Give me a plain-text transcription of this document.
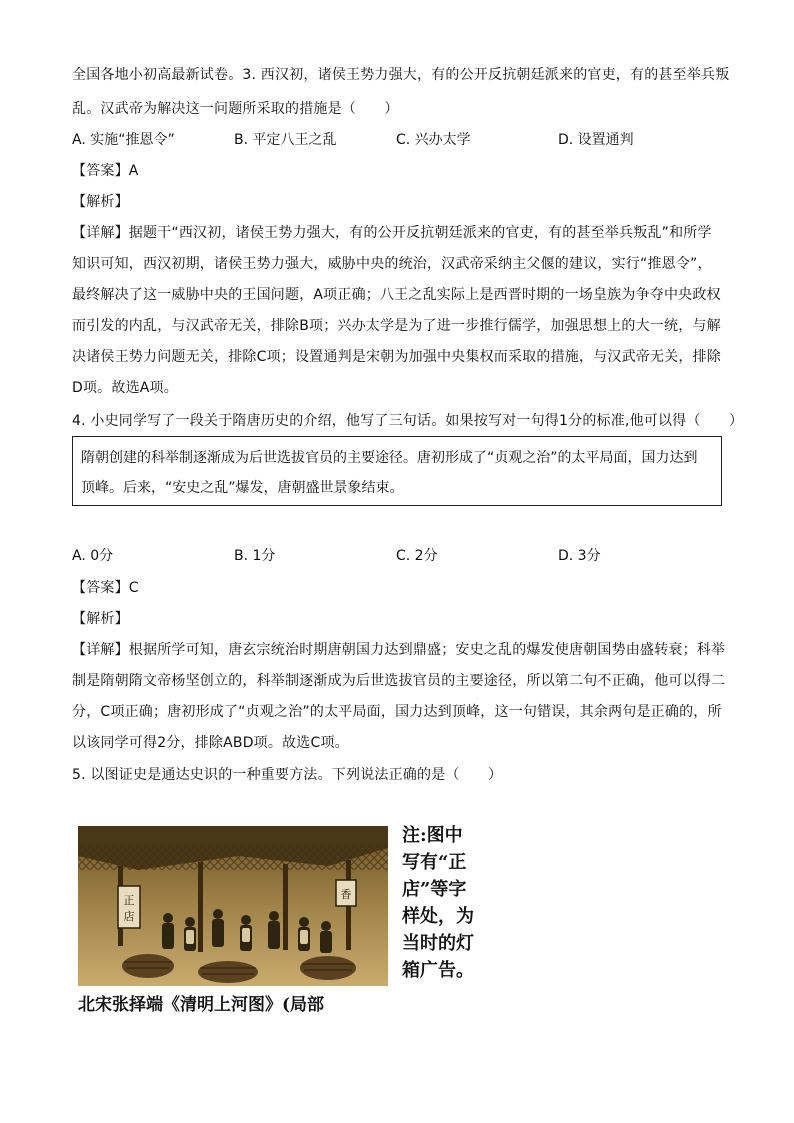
全国各地小初高最新试卷。3. 西汉初，诸侯王势力强大，有的公开反抗朝廷派来的官吏，有的甚至举兵叛
乱。汉武帝为解决这一问题所采取的措施是（　　）
A. 实施“推恩令”	B. 平定八王之乱	C. 兴办太学	D. 设置通判
【答案】A
【解析】
【详解】据题干“西汉初，诸侯王势力强大，有的公开反抗朝廷派来的官吏，有的甚至举兵叛乱”和所学
知识可知，西汉初期，诸侯王势力强大，威胁中央的统治，汉武帝采纳主父偃的建议，实行“推恩令”，
最终解决了这一威胁中央的王国问题，A项正确；八王之乱实际上是西晋时期的一场皇族为争夺中央政权
而引发的内乱，与汉武帝无关，排除B项；兴办太学是为了进一步推行儒学，加强思想上的大一统，与解
决诸侯王势力问题无关，排除C项；设置通判是宋朝为加强中央集权而采取的措施，与汉武帝无关，排除
D项。故选A项。
4. 小史同学写了一段关于隋唐历史的介绍，他写了三句话。如果按写对一句得1分的标准,他可以得（　　）
隋朝创建的科举制逐渐成为后世选拔官员的主要途径。唐初形成了“贞观之治”的太平局面，国力达到
顶峰。后来，“安史之乱”爆发，唐朝盛世景象结束。
A. 0分	B. 1分	C. 2分	D. 3分
【答案】C
【解析】
【详解】根据所学可知，唐玄宗统治时期唐朝国力达到鼎盛；安史之乱的爆发使唐朝国势由盛转衰；科举
制是隋朝隋文帝杨坚创立的，科举制逐渐成为后世选拔官员的主要途径，所以第二句不正确，他可以得二
分，C项正确；唐初形成了“贞观之治”的太平局面，国力达到顶峰，这一句错误，其余两句是正确的，所
以该同学可得2分，排除ABD项。故选C项。
5. 以图证史是通达史识的一种重要方法。下列说法正确的是（　　）
正
店
香
北宋张择端《清明上河图》(局部
注:图中
写有“正
店”等字
样处，为
当时的灯
箱广告。
